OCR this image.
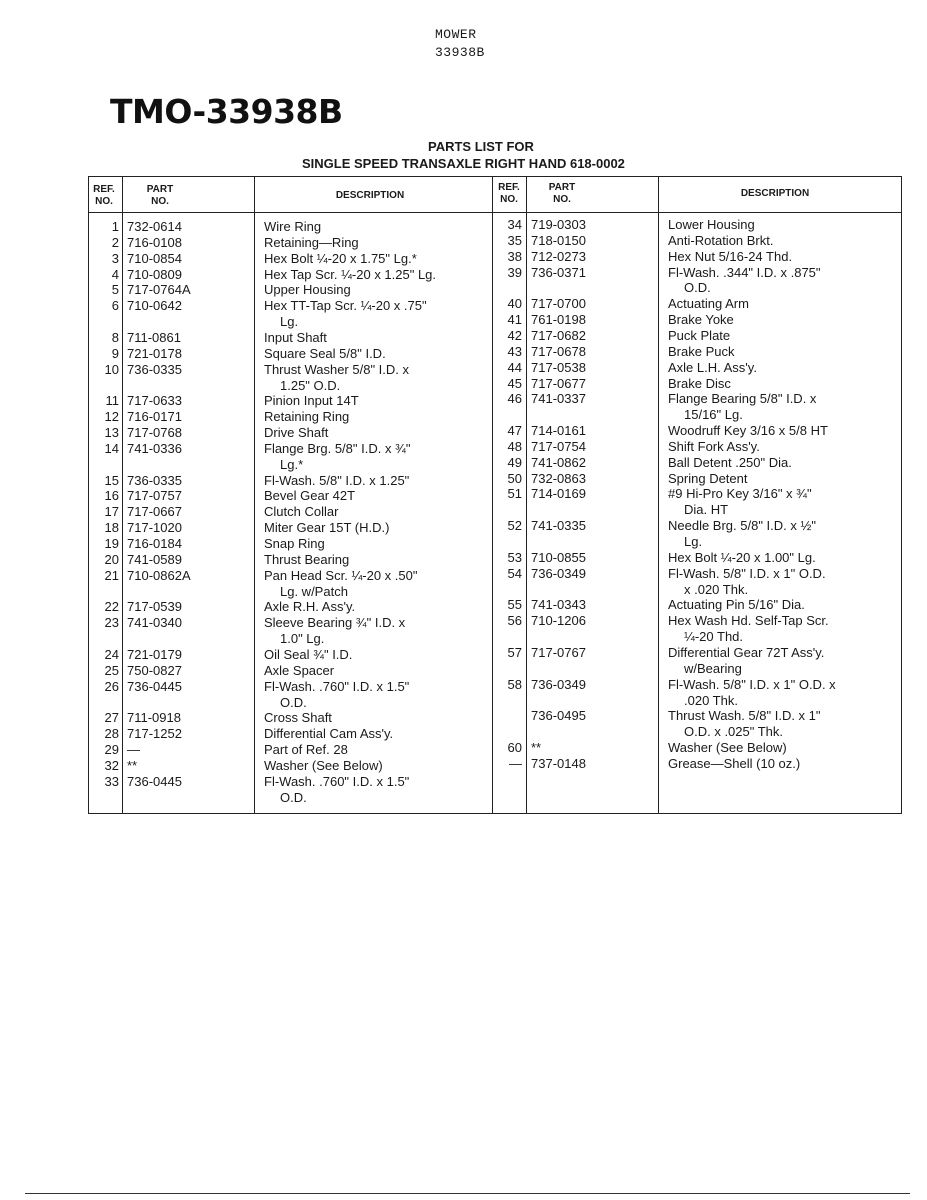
MOWER
33938B
TMO-33938B
PARTS LIST FOR
SINGLE SPEED TRANSAXLE RIGHT HAND 618-0002
REF.
NO.
PART
NO.
DESCRIPTION
REF.
NO.
PART
NO.
DESCRIPTION
1 732-0614	Wire Ring
2 716-0108	Retaining—Ring
3 710-0854	Hex Bolt ¼-20 x 1.75" Lg.*
4 710-0809	Hex Tap Scr. ¼-20 x 1.25" Lg.
5 717-0764A	Upper Housing
6 710-0642	Hex TT-Tap Scr. ¼-20 x .75"
Lg.
8 711-0861	Input Shaft
9 721-0178	Square Seal 5/8" I.D.
10 736-0335	Thrust Washer 5/8" I.D. x
1.25" O.D.
11 717-0633	Pinion Input 14T
12 716-0171	Retaining Ring
13 717-0768	Drive Shaft
14 741-0336	Flange Brg. 5/8" I.D. x ¾"
Lg.*
15 736-0335	Fl-Wash. 5/8" I.D. x 1.25"
16 717-0757	Bevel Gear 42T
17 717-0667	Clutch Collar
18 717-1020	Miter Gear 15T (H.D.)
19 716-0184	Snap Ring
20 741-0589	Thrust Bearing
21 710-0862A	Pan Head Scr. ¼-20 x .50"
Lg. w/Patch
22 717-0539	Axle R.H. Ass'y.
23 741-0340	Sleeve Bearing ¾" I.D. x
1.0" Lg.
24 721-0179	Oil Seal ¾" I.D.
25 750-0827	Axle Spacer
26 736-0445	Fl-Wash. .760" I.D. x 1.5"
O.D.
27 711-0918	Cross Shaft
28 717-1252	Differential Cam Ass'y.
29 —	Part of Ref. 28
32 **	Washer (See Below)
33 736-0445	Fl-Wash. .760" I.D. x 1.5"
O.D.
34 719-0303	Lower Housing
35 718-0150	Anti-Rotation Brkt.
38 712-0273	Hex Nut 5/16-24 Thd.
39 736-0371	Fl-Wash. .344" I.D. x .875"
O.D.
40 717-0700	Actuating Arm
41 761-0198	Brake Yoke
42 717-0682	Puck Plate
43 717-0678	Brake Puck
44 717-0538	Axle L.H. Ass'y.
45 717-0677	Brake Disc
46 741-0337	Flange Bearing 5/8" I.D. x
15/16" Lg.
47 714-0161	Woodruff Key 3/16 x 5/8 HT
48 717-0754	Shift Fork Ass'y.
49 741-0862	Ball Detent .250" Dia.
50 732-0863	Spring Detent
51 714-0169	#9 Hi-Pro Key 3/16" x ¾"
Dia. HT
52 741-0335	Needle Brg. 5/8" I.D. x ½"
Lg.
53 710-0855	Hex Bolt ¼-20 x 1.00" Lg.
54 736-0349	Fl-Wash. 5/8" I.D. x 1" O.D.
x .020 Thk.
55 741-0343	Actuating Pin 5/16" Dia.
56 710-1206	Hex Wash Hd. Self-Tap Scr.
¼-20 Thd.
57 717-0767	Differential Gear 72T Ass'y.
w/Bearing
58 736-0349	Fl-Wash. 5/8" I.D. x 1" O.D. x
.020 Thk.
736-0495	Thrust Wash. 5/8" I.D. x 1"
O.D. x .025" Thk.
60 **	Washer (See Below)
— 737-0148	Grease—Shell (10 oz.)
